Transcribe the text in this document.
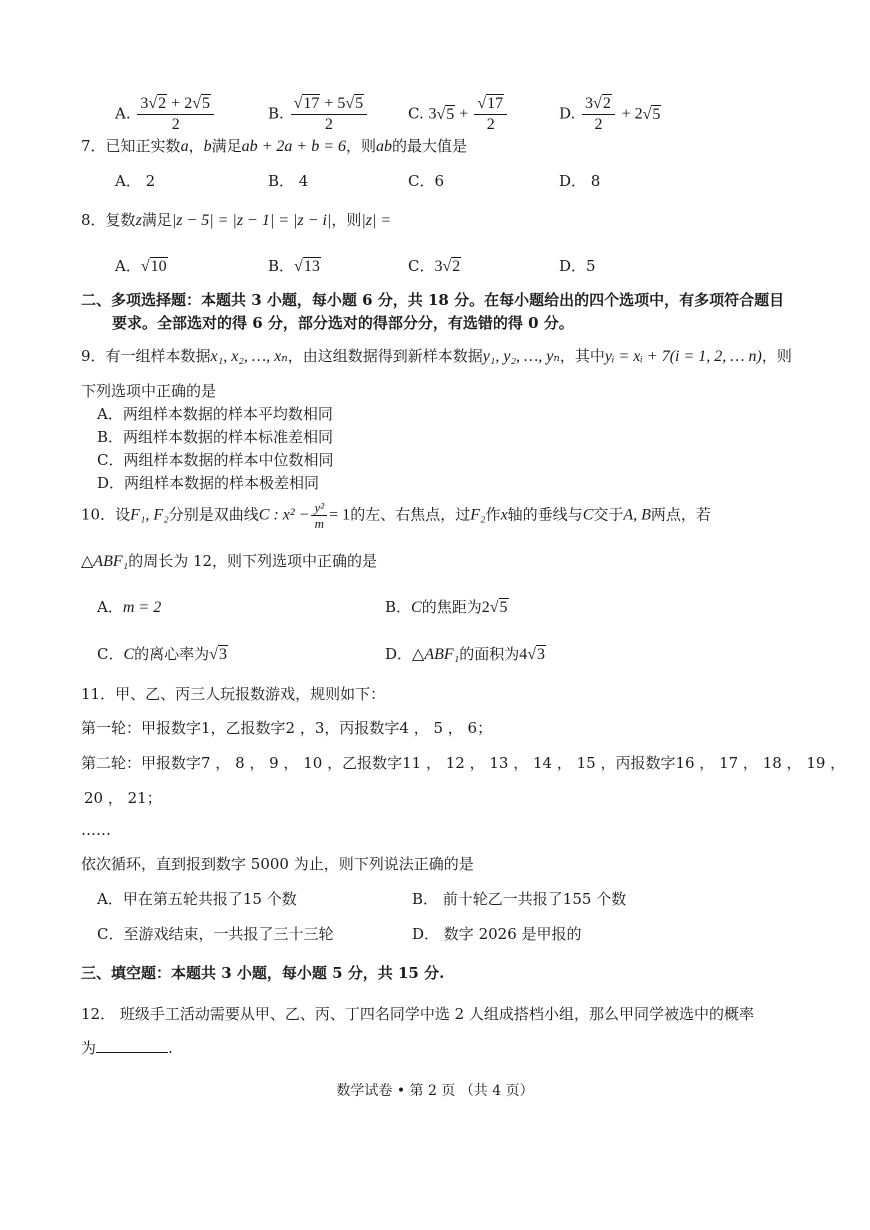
A. $\frac{3√2 + 2√5}{2}$	B. $\frac{√17 + 5√5}{2}$	C. $3√5 + \frac{√17}{2}$	D. $\frac{3√2}{2} + 2√5$
7．已知正实数a，b满足ab + 2a + b = 6，则ab的最大值是
A． 2	B． 4	C．6	D． 8
8．复数z满足|z − 5| = |z − 1| = |z − i|，则|z| =
A．√10	B．√13	C．3√2	D．5
二、多项选择题：本题共 3 小题，每小题 6 分，共 18 分。在每小题给出的四个选项中，有多项符合题目
要求。全部选对的得 6 分，部分选对的得部分分，有选错的得 0 分。
9．有一组样本数据x₁, x₂, …, xₙ，由这组数据得到新样本数据y₁, y₂, …, yₙ，其中yᵢ = xᵢ + 7(i = 1, 2, … n)，则
下列选项中正确的是
A．两组样本数据的样本平均数相同
B．两组样本数据的样本标准差相同
C．两组样本数据的样本中位数相同
D．两组样本数据的样本极差相同
10．设F₁, F₂分别是双曲线C : $x^2 - \frac{\text{y²}}{m} = 1$的左、右焦点，过F₂作x轴的垂线与C交于A, B两点，若
△ABF₁的周长为 12，则下列选项中正确的是
A．m = 2	B．C的焦距为2√5
C．C的离心率为√3	D．△ABF₁的面积为4√3
11．甲、乙、丙三人玩报数游戏，规则如下：
第一轮：甲报数字1，乙报数字2 ，3，丙报数字4 ， 5 ， 6；
第二轮：甲报数字7 ， 8 ， 9 ， 10 ，乙报数字11 ， 12 ， 13 ， 14 ， 15 ，丙报数字16 ， 17 ， 18 ， 19 ，
20 ， 21；
……
依次循环，直到报到数字 5000 为止，则下列说法正确的是
A．甲在第五轮共报了15 个数	B． 前十轮乙一共报了155 个数
C．至游戏结束，一共报了三十三轮	D． 数字 2026 是甲报的
三、填空题：本题共 3 小题，每小题 5 分，共 15 分.
12． 班级手工活动需要从甲、乙、丙、丁四名同学中选 2 人组成搭档小组，那么甲同学被选中的概率
为	.
数学试卷 • 第 2 页 （共 4 页）
